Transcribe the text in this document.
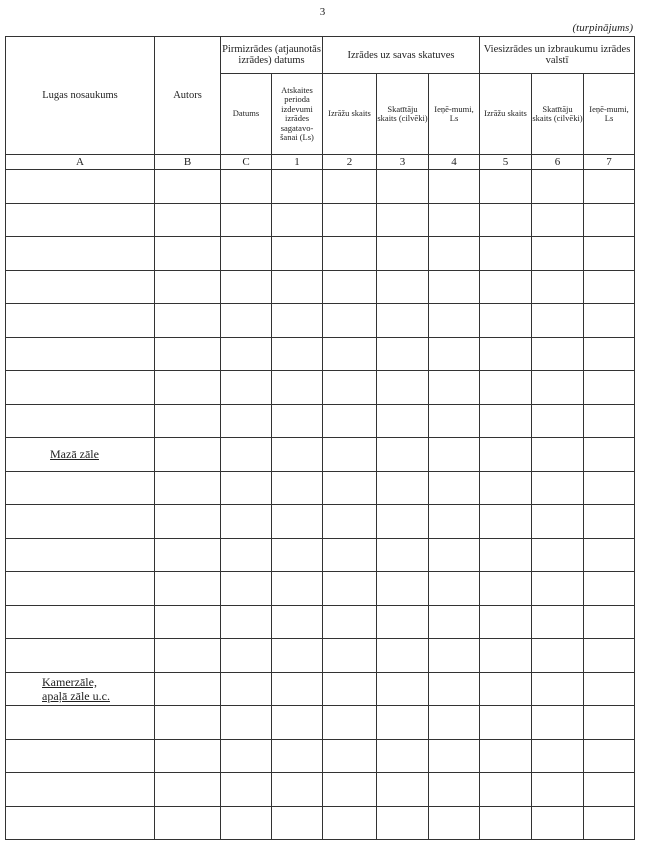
3
(turpinājums)
Lugas nosaukums	Autors	Pirmizrādes (atjaunotās izrādes) datums		Izrādes uz savas skatuves			Viesizrādes un izbraukumu izrādes valstī		
		Datums	Atskaites perioda izdevumi izrādes sagatavo-šanai (Ls)	Izrāžu skaits	Skatītāju skaits (cilvēki)	Ieņē-mumi, Ls	Izrāžu skaits	Skatītāju skaits (cilvēki)	Ieņē-mumi, Ls
A	B	C	1	2	3	4	5	6	7

Mazā zāle									

Kamerzāle,
apaļā zāle u.c.									
